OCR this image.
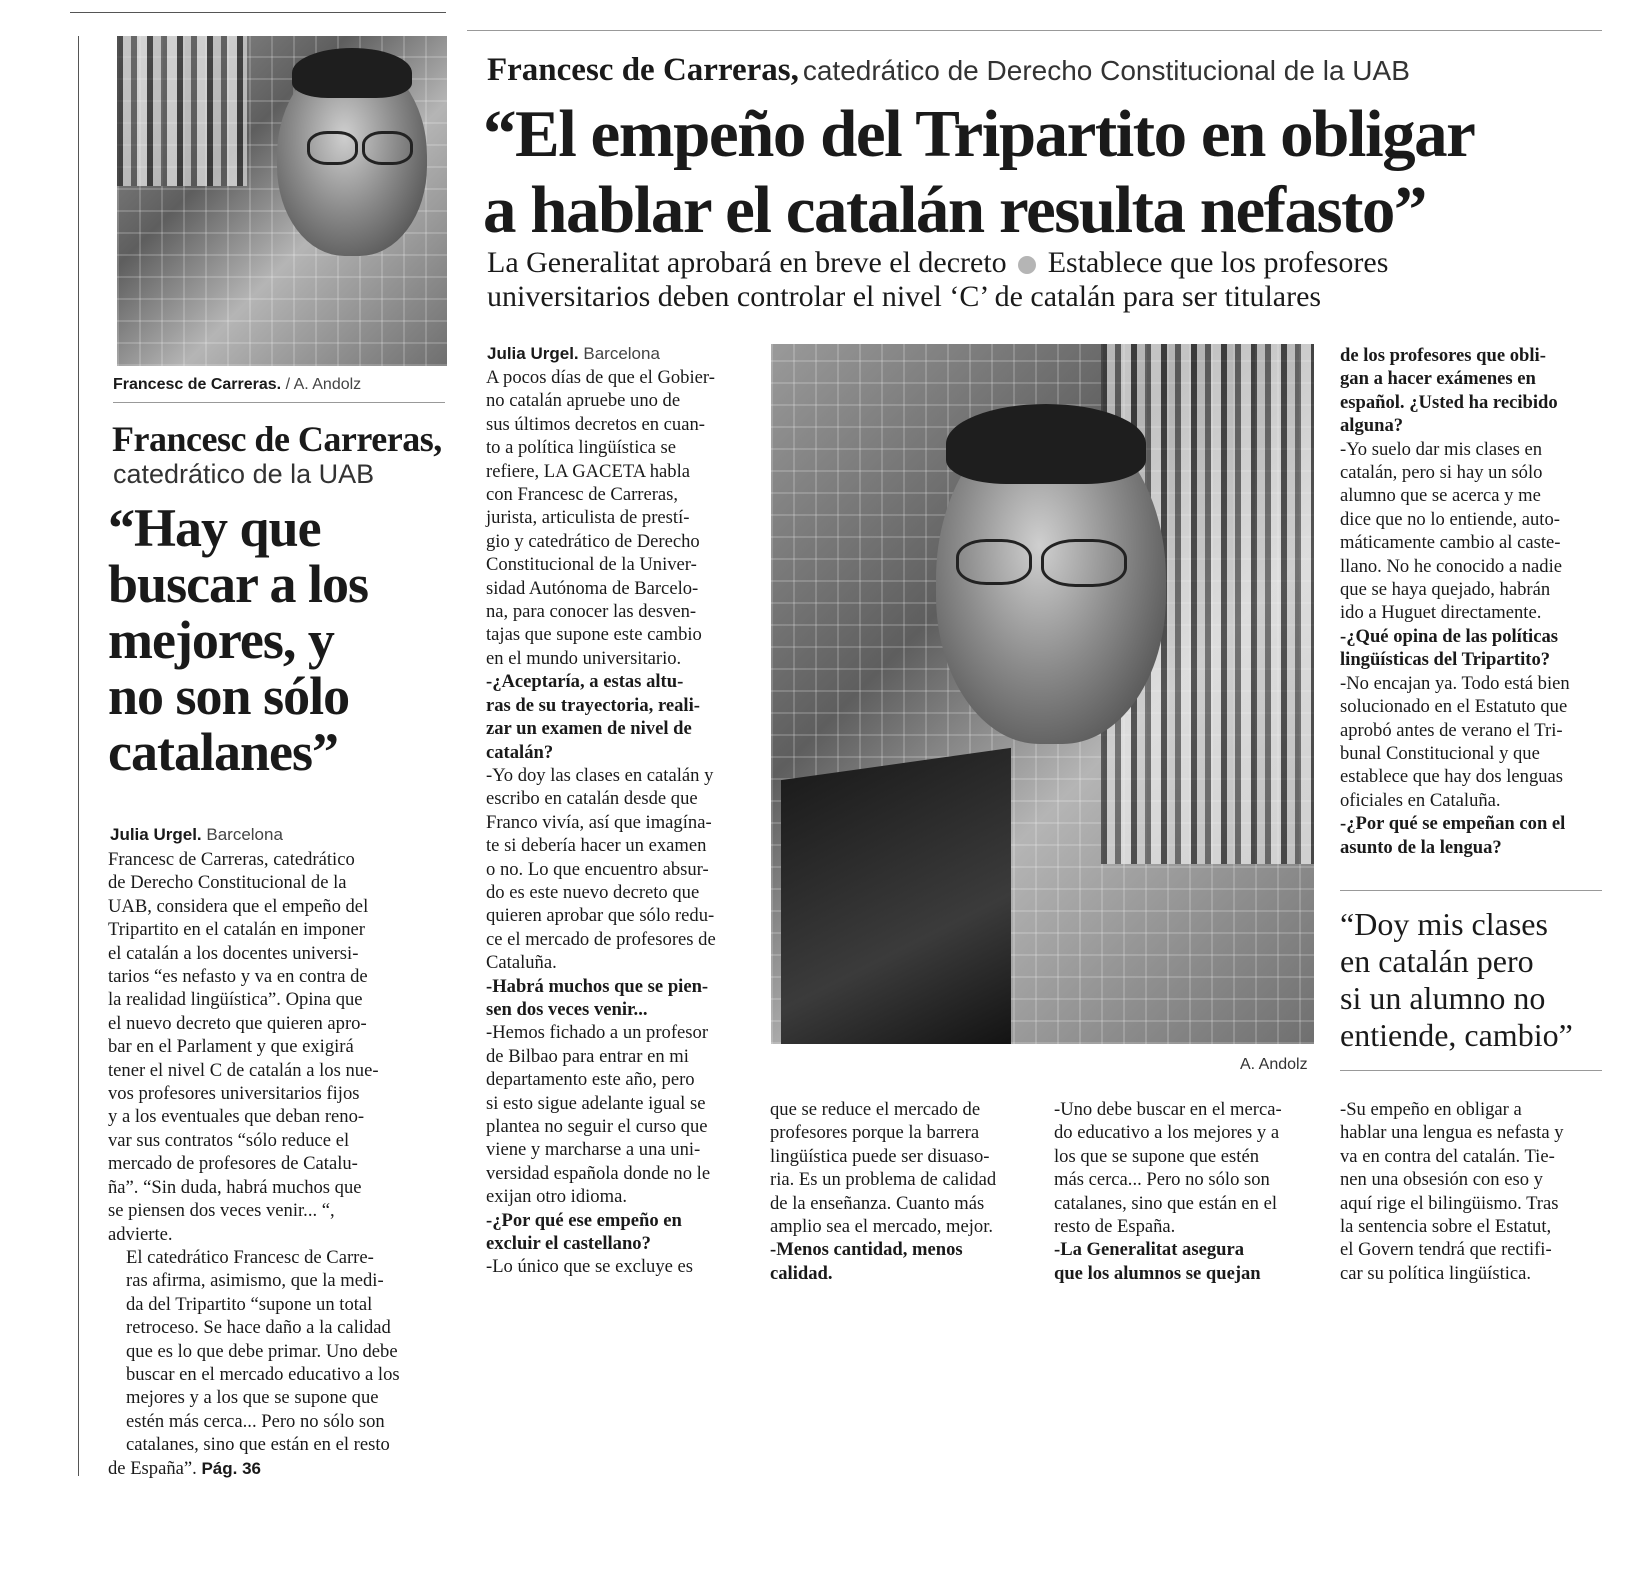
Francesc de Carreras. / A. Andolz
Francesc de Carreras,
catedrático de la UAB
“Hay que
buscar a los
mejores, y
no son sólo
catalanes”
Julia Urgel. Barcelona
Francesc de Carreras, catedrático
de Derecho Constitucional de la
UAB, considera que el empeño del
Tripartito en el catalán en imponer
el catalán a los docentes universi-
tarios “es nefasto y va en contra de
la realidad lingüística”. Opina que
el nuevo decreto que quieren apro-
bar en el Parlament y que exigirá
tener el nivel C de catalán a los nue-
vos profesores universitarios fijos
y a los eventuales que deban reno-
var sus contratos “sólo reduce el
mercado de profesores de Catalu-
ña”. “Sin duda, habrá muchos que
se piensen dos veces venir... “,
advierte.
El catedrático Francesc de Carre-
ras afirma, asimismo, que la medi-
da del Tripartito “supone un total
retroceso. Se hace daño a la calidad
que es lo que debe primar. Uno debe
buscar en el mercado educativo a los
mejores y a los que se supone que
estén más cerca... Pero no sólo son
catalanes, sino que están en el resto
de España”. Pág. 36
Francesc de Carreras, catedrático de Derecho Constitucional de la UAB
“El empeño del Tripartito en obligar
a hablar el catalán resulta nefasto”
La Generalitat aprobará en breve el decreto Establece que los profesores
universitarios deben controlar el nivel ‘C’ de catalán para ser titulares
Julia Urgel. Barcelona
A pocos días de que el Gobier-
no catalán apruebe uno de
sus últimos decretos en cuan-
to a política lingüística se
refiere, LA GACETA habla
con Francesc de Carreras,
jurista, articulista de prestí-
gio y catedrático de Derecho
Constitucional de la Univer-
sidad Autónoma de Barcelo-
na, para conocer las desven-
tajas que supone este cambio
en el mundo universitario.
-¿Aceptaría, a estas altu-
ras de su trayectoria, reali-
zar un examen de nivel de
catalán?
-Yo doy las clases en catalán y
escribo en catalán desde que
Franco vivía, así que imagína-
te si debería hacer un examen
o no. Lo que encuentro absur-
do es este nuevo decreto que
quieren aprobar que sólo redu-
ce el mercado de profesores de
Cataluña.
-Habrá muchos que se pien-
sen dos veces venir...
-Hemos fichado a un profesor
de Bilbao para entrar en mi
departamento este año, pero
si esto sigue adelante igual se
plantea no seguir el curso que
viene y marcharse a una uni-
versidad española donde no le
exijan otro idioma.
-¿Por qué ese empeño en
excluir el castellano?
-Lo único que se excluye es
A. Andolz
que se reduce el mercado de
profesores porque la barrera
lingüística puede ser disuaso-
ria. Es un problema de calidad
de la enseñanza. Cuanto más
amplio sea el mercado, mejor.
-Menos cantidad, menos
calidad.
-Uno debe buscar en el merca-
do educativo a los mejores y a
los que se supone que estén
más cerca... Pero no sólo son
catalanes, sino que están en el
resto de España.
-La Generalitat asegura
que los alumnos se quejan
de los profesores que obli-
gan a hacer exámenes en
español. ¿Usted ha recibido
alguna?
-Yo suelo dar mis clases en
catalán, pero si hay un sólo
alumno que se acerca y me
dice que no lo entiende, auto-
máticamente cambio al caste-
llano. No he conocido a nadie
que se haya quejado, habrán
ido a Huguet directamente.
-¿Qué opina de las políticas
lingüísticas del Tripartito?
-No encajan ya. Todo está bien
solucionado en el Estatuto que
aprobó antes de verano el Tri-
bunal Constitucional y que
establece que hay dos lenguas
oficiales en Cataluña.
-¿Por qué se empeñan con el
asunto de la lengua?
“Doy mis clases
en catalán pero
si un alumno no
entiende, cambio”
-Su empeño en obligar a
hablar una lengua es nefasta y
va en contra del catalán. Tie-
nen una obsesión con eso y
aquí rige el bilingüismo. Tras
la sentencia sobre el Estatut,
el Govern tendrá que rectifi-
car su política lingüística.
